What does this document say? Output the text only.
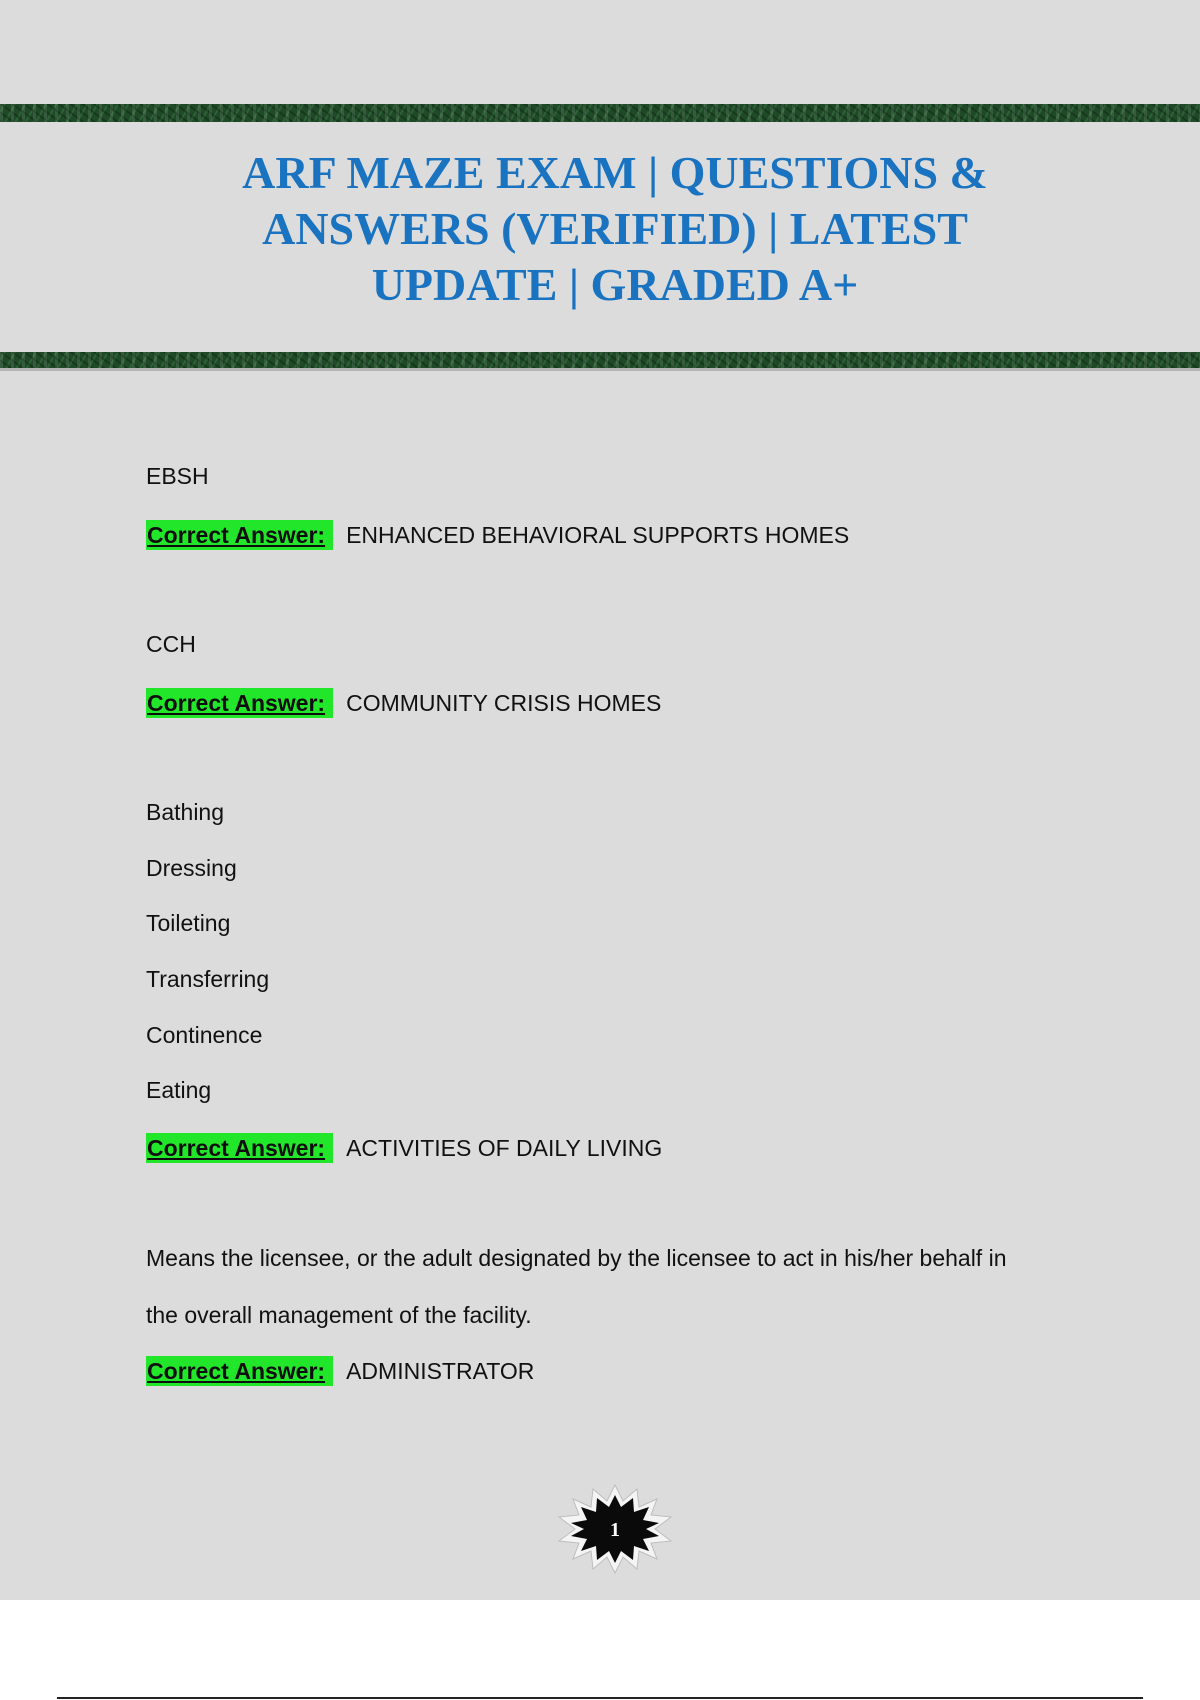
ARF MAZE EXAM | QUESTIONS &
ANSWERS (VERIFIED) | LATEST
UPDATE | GRADED A+
EBSH
Correct Answer: ENHANCED BEHAVIORAL SUPPORTS HOMES
CCH
Correct Answer: COMMUNITY CRISIS HOMES
Bathing
Dressing
Toileting
Transferring
Continence
Eating
Correct Answer: ACTIVITIES OF DAILY LIVING
Means the licensee, or the adult designated by the licensee to act in his/her behalf in
the overall management of the facility.
Correct Answer: ADMINISTRATOR
1
